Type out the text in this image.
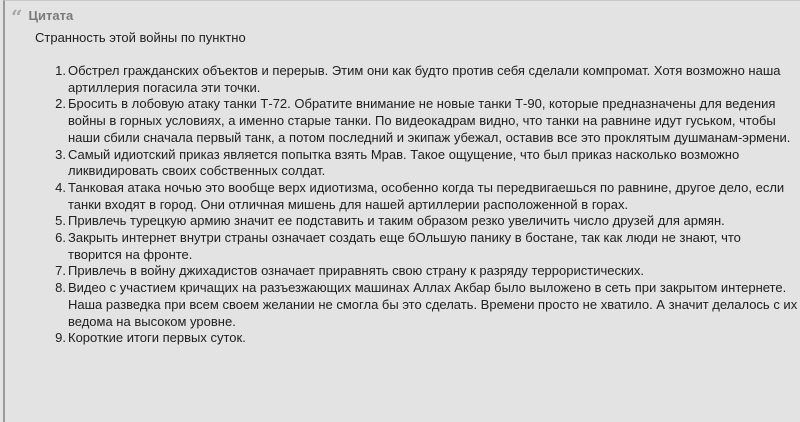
“ Цитата
Странность этой войны по пунктно
1. Обстрел гражданских объектов и перерыв. Этим они как будто против себя сделали компромат. Хотя возможно наша артиллерия погасила эти точки.
2. Бросить в лобовую атаку танки Т-72. Обратите внимание не новые танки Т-90, которые предназначены для ведения войны в горных условиях, а именно старые танки. По видеокадрам видно, что танки на равнине идут гуськом, чтобы наши сбили сначала первый танк, а потом последний и экипаж убежал, оставив все это проклятым душманам-эрмени.
3. Самый идиотский приказ является попытка взять Мрав. Такое ощущение, что был приказ насколько возможно ликвидировать своих собственных солдат.
4. Танковая атака ночью это вообще верх идиотизма, особенно когда ты передвигаешься по равнине, другое дело, если танки входят в город. Они отличная мишень для нашей артиллерии расположенной в горах.
5. Привлечь турецкую армию значит ее подставить и таким образом резко увеличить число друзей для армян.
6. Закрыть интернет внутри страны означает создать еще бОльшую панику в бостане, так как люди не знают, что творится на фронте.
7. Привлечь в войну джихадистов означает приравнять свою страну к разряду террористических.
8. Видео с участием кричащих на разъезжающих машинах Аллах Акбар было выложено в сеть при закрытом интернете. Наша разведка при всем своем желании не смогла бы это сделать. Времени просто не хватило. А значит делалось с их ведома на высоком уровне.
9. Короткие итоги первых суток.
